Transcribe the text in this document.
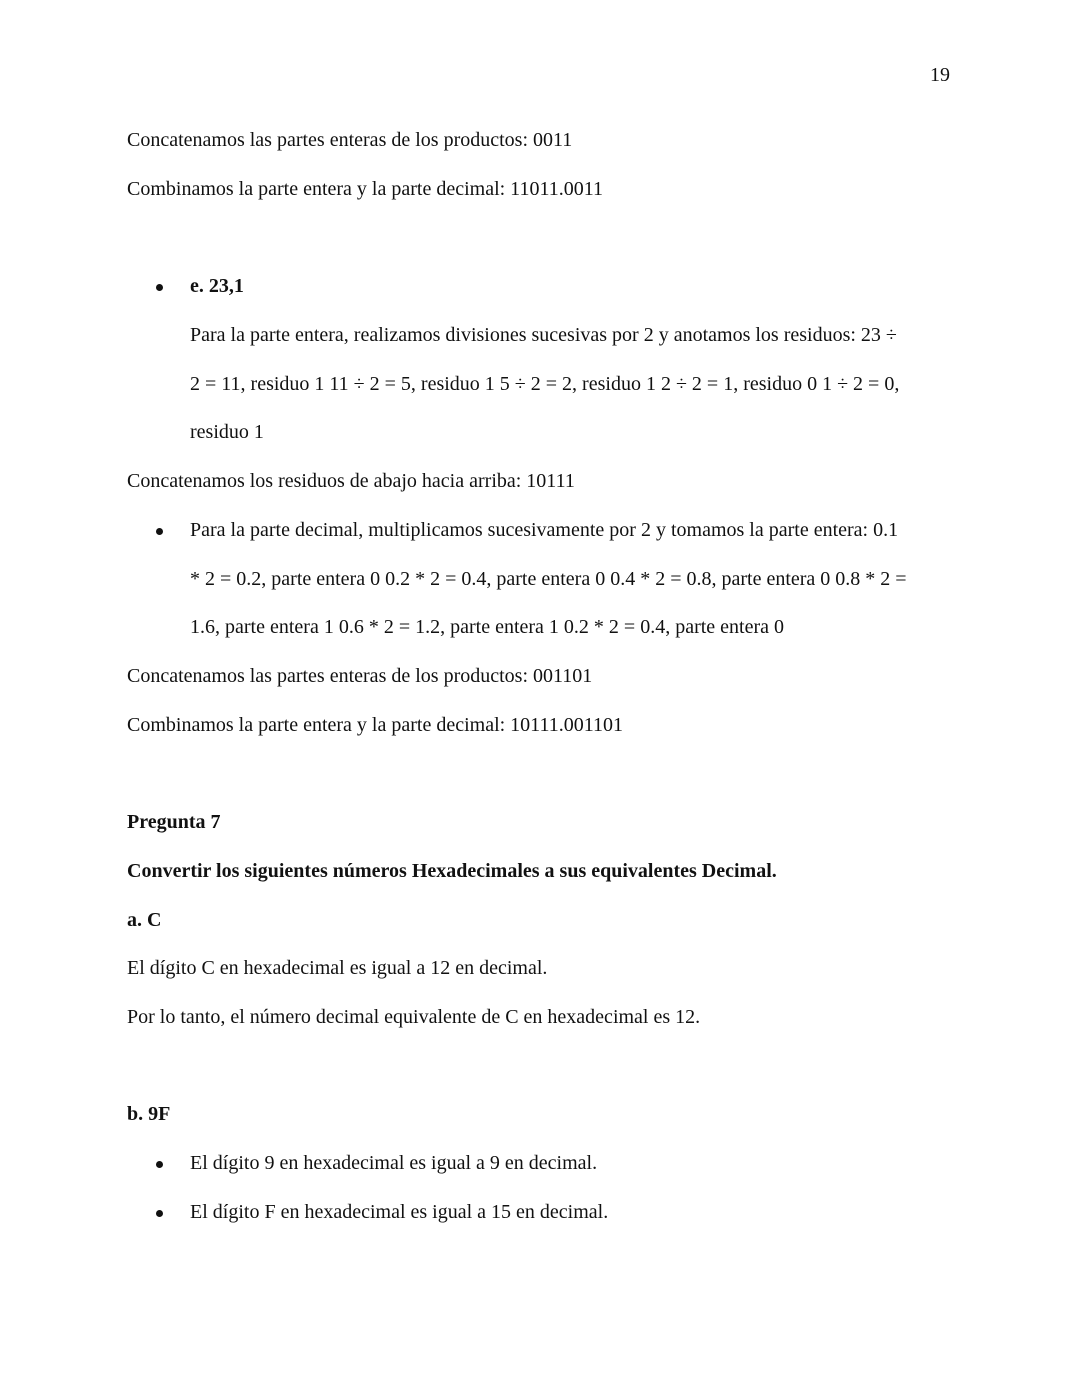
19
Concatenamos las partes enteras de los productos: 0011
Combinamos la parte entera y la parte decimal: 11011.0011
e. 23,1
Para la parte entera, realizamos divisiones sucesivas por 2 y anotamos los residuos: 23 ÷
2 = 11, residuo 1 11 ÷ 2 = 5, residuo 1 5 ÷ 2 = 2, residuo 1 2 ÷ 2 = 1, residuo 0 1 ÷ 2 = 0,
residuo 1
Concatenamos los residuos de abajo hacia arriba: 10111
Para la parte decimal, multiplicamos sucesivamente por 2 y tomamos la parte entera: 0.1
* 2 = 0.2, parte entera 0 0.2 * 2 = 0.4, parte entera 0 0.4 * 2 = 0.8, parte entera 0 0.8 * 2 =
1.6, parte entera 1 0.6 * 2 = 1.2, parte entera 1 0.2 * 2 = 0.4, parte entera 0
Concatenamos las partes enteras de los productos: 001101
Combinamos la parte entera y la parte decimal: 10111.001101
Pregunta 7
Convertir los siguientes números Hexadecimales a sus equivalentes Decimal.
a. C
El dígito C en hexadecimal es igual a 12 en decimal.
Por lo tanto, el número decimal equivalente de C en hexadecimal es 12.
b. 9F
El dígito 9 en hexadecimal es igual a 9 en decimal.
El dígito F en hexadecimal es igual a 15 en decimal.
